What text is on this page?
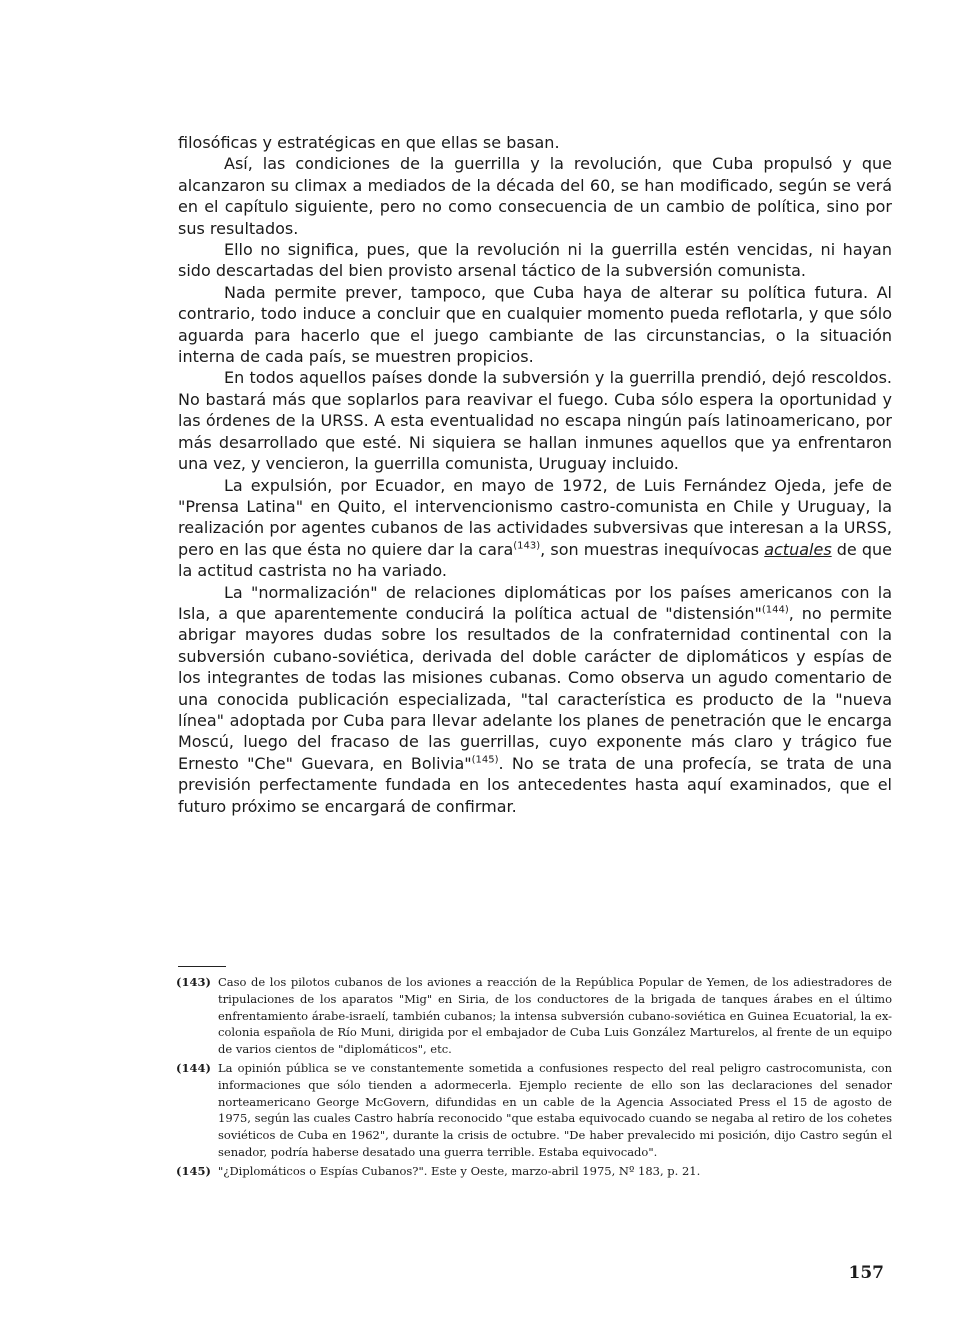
filosóficas y estratégicas en que ellas se basan.

Así, las condiciones de la guerrilla y la revolución, que Cuba propulsó y que alcanzaron su climax a mediados de la década del 60, se han modificado, según se verá en el capítulo siguiente, pero no como consecuencia de un cambio de política, sino por sus resultados.

Ello no significa, pues, que la revolución ni la guerrilla estén vencidas, ni hayan sido descartadas del bien provisto arsenal táctico de la subversión comunista.

Nada permite prever, tampoco, que Cuba haya de alterar su política futura. Al contrario, todo induce a concluir que en cualquier momento pueda reflotarla, y que sólo aguarda para hacerlo que el juego cambiante de las circunstancias, o la situación interna de cada país, se muestren propicios.

En todos aquellos países donde la subversión y la guerrilla prendió, dejó rescoldos. No bastará más que soplarlos para reavivar el fuego. Cuba sólo espera la oportunidad y las órdenes de la URSS. A esta eventualidad no escapa ningún país latinoamericano, por más desarrollado que esté. Ni siquiera se hallan inmunes aquellos que ya enfrentaron una vez, y vencieron, la guerrilla comunista, Uruguay incluido.

La expulsión, por Ecuador, en mayo de 1972, de Luis Fernández Ojeda, jefe de "Prensa Latina" en Quito, el intervencionismo castro-comunista en Chile y Uruguay, la realización por agentes cubanos de las actividades subversivas que interesan a la URSS, pero en las que ésta no quiere dar la cara$^{(143)}$, son muestras inequívocas actuales de que la actitud castrista no ha variado.

La "normalización" de relaciones diplomáticas por los países americanos con la Isla, a que aparentemente conducirá la política actual de "distensión"$^{(144)}$, no permite abrigar mayores dudas sobre los resultados de la confraternidad continental con la subversión cubano-soviética, derivada del doble carácter de diplomáticos y espías de los integrantes de todas las misiones cubanas. Como observa un agudo comentario de una conocida publicación especializada, "tal característica es producto de la "nueva línea" adoptada por Cuba para llevar adelante los planes de penetración que le encarga Moscú, luego del fracaso de las guerrillas, cuyo exponente más claro y trágico fue Ernesto "Che" Guevara, en Bolivia"$^{(145)}$. No se trata de una profecía, se trata de una previsión perfectamente fundada en los antecedentes hasta aquí examinados, que el futuro próximo se encargará de confirmar.

(143) Caso de los pilotos cubanos de los aviones a reacción de la República Popular de Yemen, de los adiestradores de tripulaciones de los aparatos "Mig" en Siria, de los conductores de la brigada de tanques árabes en el último enfrentamiento árabe-israelí, también cubanos; la intensa subversión cubano-soviética en Guinea Ecuatorial, la ex-colonia española de Río Muni, dirigida por el embajador de Cuba Luis González Marturelos, al frente de un equipo de varios cientos de "diplomáticos", etc.
(144) La opinión pública se ve constantemente sometida a confusiones respecto del real peligro castrocomunista, con informaciones que sólo tienden a adormecerla. Ejemplo reciente de ello son las declaraciones del senador norteamericano George McGovern, difundidas en un cable de la Agencia Associated Press el 15 de agosto de 1975, según las cuales Castro habría reconocido "que estaba equivocado cuando se negaba al retiro de los cohetes soviéticos de Cuba en 1962", durante la crisis de octubre. "De haber prevalecido mi posición, dijo Castro según el senador, podría haberse desatado una guerra terrible. Estaba equivocado".
(145) "¿Diplomáticos o Espías Cubanos?". Este y Oeste, marzo-abril 1975, Nº 183, p. 21.
157
